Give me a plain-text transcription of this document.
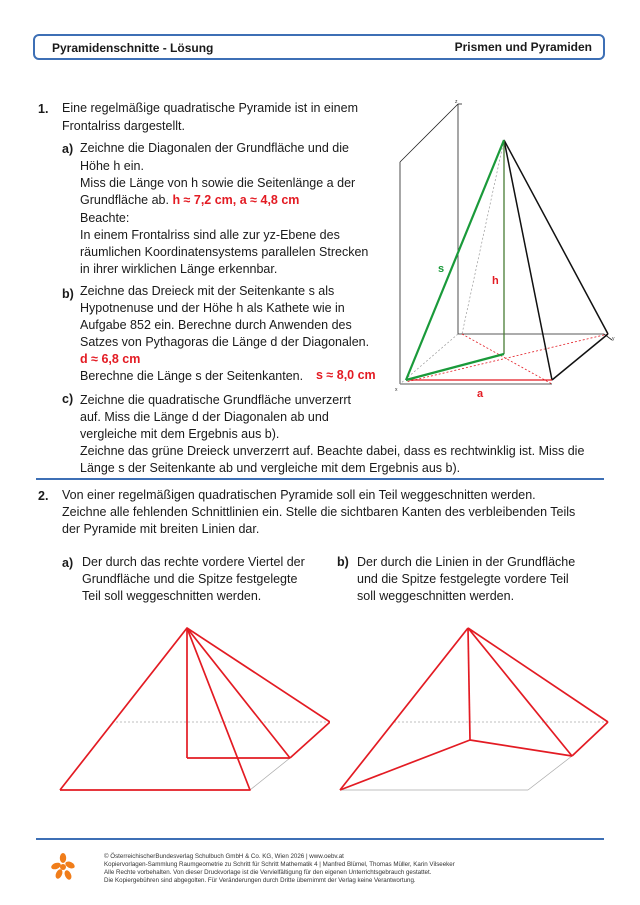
Pyramidenschnitte - Lösung	Prismen und Pyramiden
1. Eine regelmäßige quadratische Pyramide ist in einem
Frontalriss dargestellt.
a) Zeichne die Diagonalen der Grundfläche und die
Höhe h ein.
Miss die Länge von h sowie die Seitenlänge a der
Grundfläche ab. h ≈ 7,2 cm, a ≈ 4,8 cm
Beachte:
In einem Frontalriss sind alle zur yz-Ebene des
räumlichen Koordinatensystems parallelen Strecken
in ihrer wirklichen Länge erkennbar.
b) Zeichne das Dreieck mit der Seitenkante s als
Hypotnenuse und der Höhe h als Kathete wie in
Aufgabe 852 ein. Berechne durch Anwenden des
Satzes von Pythagoras die Länge d der Diagonalen.
d ≈ 6,8 cm
Berechne die Länge s der Seitenkanten. s ≈ 8,0 cm
c) Zeichne die quadratische Grundfläche unverzerrt
auf. Miss die Länge d der Diagonalen ab und
vergleiche mit dem Ergebnis aus b).
Zeichne das grüne Dreieck unverzerrt auf. Beachte dabei, dass es rechtwinklig ist. Miss die
Länge s der Seitenkante ab und vergleiche mit dem Ergebnis aus b).
s
h
a
x
y
z
2. Von einer regelmäßigen quadratischen Pyramide soll ein Teil weggeschnitten werden.
Zeichne alle fehlenden Schnittlinien ein. Stelle die sichtbaren Kanten des verbleibenden Teils
der Pyramide mit breiten Linien dar.
a) Der durch das rechte vordere Viertel der
Grundfläche und die Spitze festgelegte
Teil soll weggeschnitten werden.
b) Der durch die Linien in der Grundfläche
und die Spitze festgelegte vordere Teil
soll weggeschnitten werden.
© ÖsterreichischerBundesverlag Schulbuch GmbH & Co. KG, Wien 2026 | www.oebv.at
Kopiervorlagen-Sammlung Raumgeometrie zu Schritt für Schritt Mathematik 4 | Manfred Blümel, Thomas Müller, Karin Vilseeker
Alle Rechte vorbehalten. Von dieser Druckvorlage ist die Vervielfältigung für den eigenen Unterrichtsgebrauch gestattet.
Die Kopiergebühren sind abgegolten. Für Veränderungen durch Dritte übernimmt der Verlag keine Verantwortung.
